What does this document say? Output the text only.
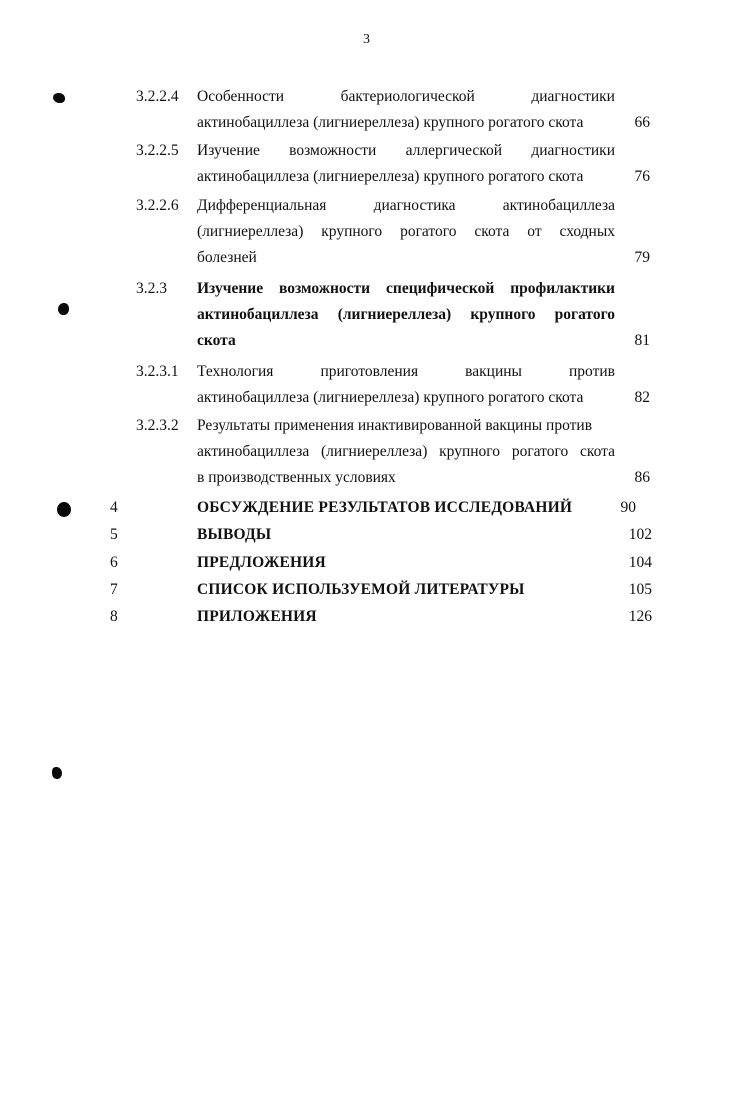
3
3.2.2.4	Особенности	бактериологической	диагностики
актинобациллеза (лигниереллеза) крупного рогатого скота	66
3.2.2.5	Изучение возможности аллергической диагностики
актинобациллеза (лигниереллеза) крупного рогатого скота	76
3.2.2.6	Дифференциальная	диагностика	актинобациллеза
(лигниереллеза) крупного рогатого скота от сходных
болезней	79
3.2.3	Изучение возможности специфической профилактики
актинобациллеза (лигниереллеза) крупного рогатого
скота	81
3.2.3.1	Технология	приготовления	вакцины	против
актинобациллеза (лигниереллеза) крупного рогатого скота	82
3.2.3.2	Результаты применения инактивированной вакцины против
актинобациллеза (лигниереллеза) крупного рогатого скота
в производственных условиях	86
4	ОБСУЖДЕНИЕ РЕЗУЛЬТАТОВ ИССЛЕДОВАНИЙ	90
5	ВЫВОДЫ	102
6	ПРЕДЛОЖЕНИЯ	104
7	СПИСОК ИСПОЛЬЗУЕМОЙ ЛИТЕРАТУРЫ	105
8	ПРИЛОЖЕНИЯ	126
